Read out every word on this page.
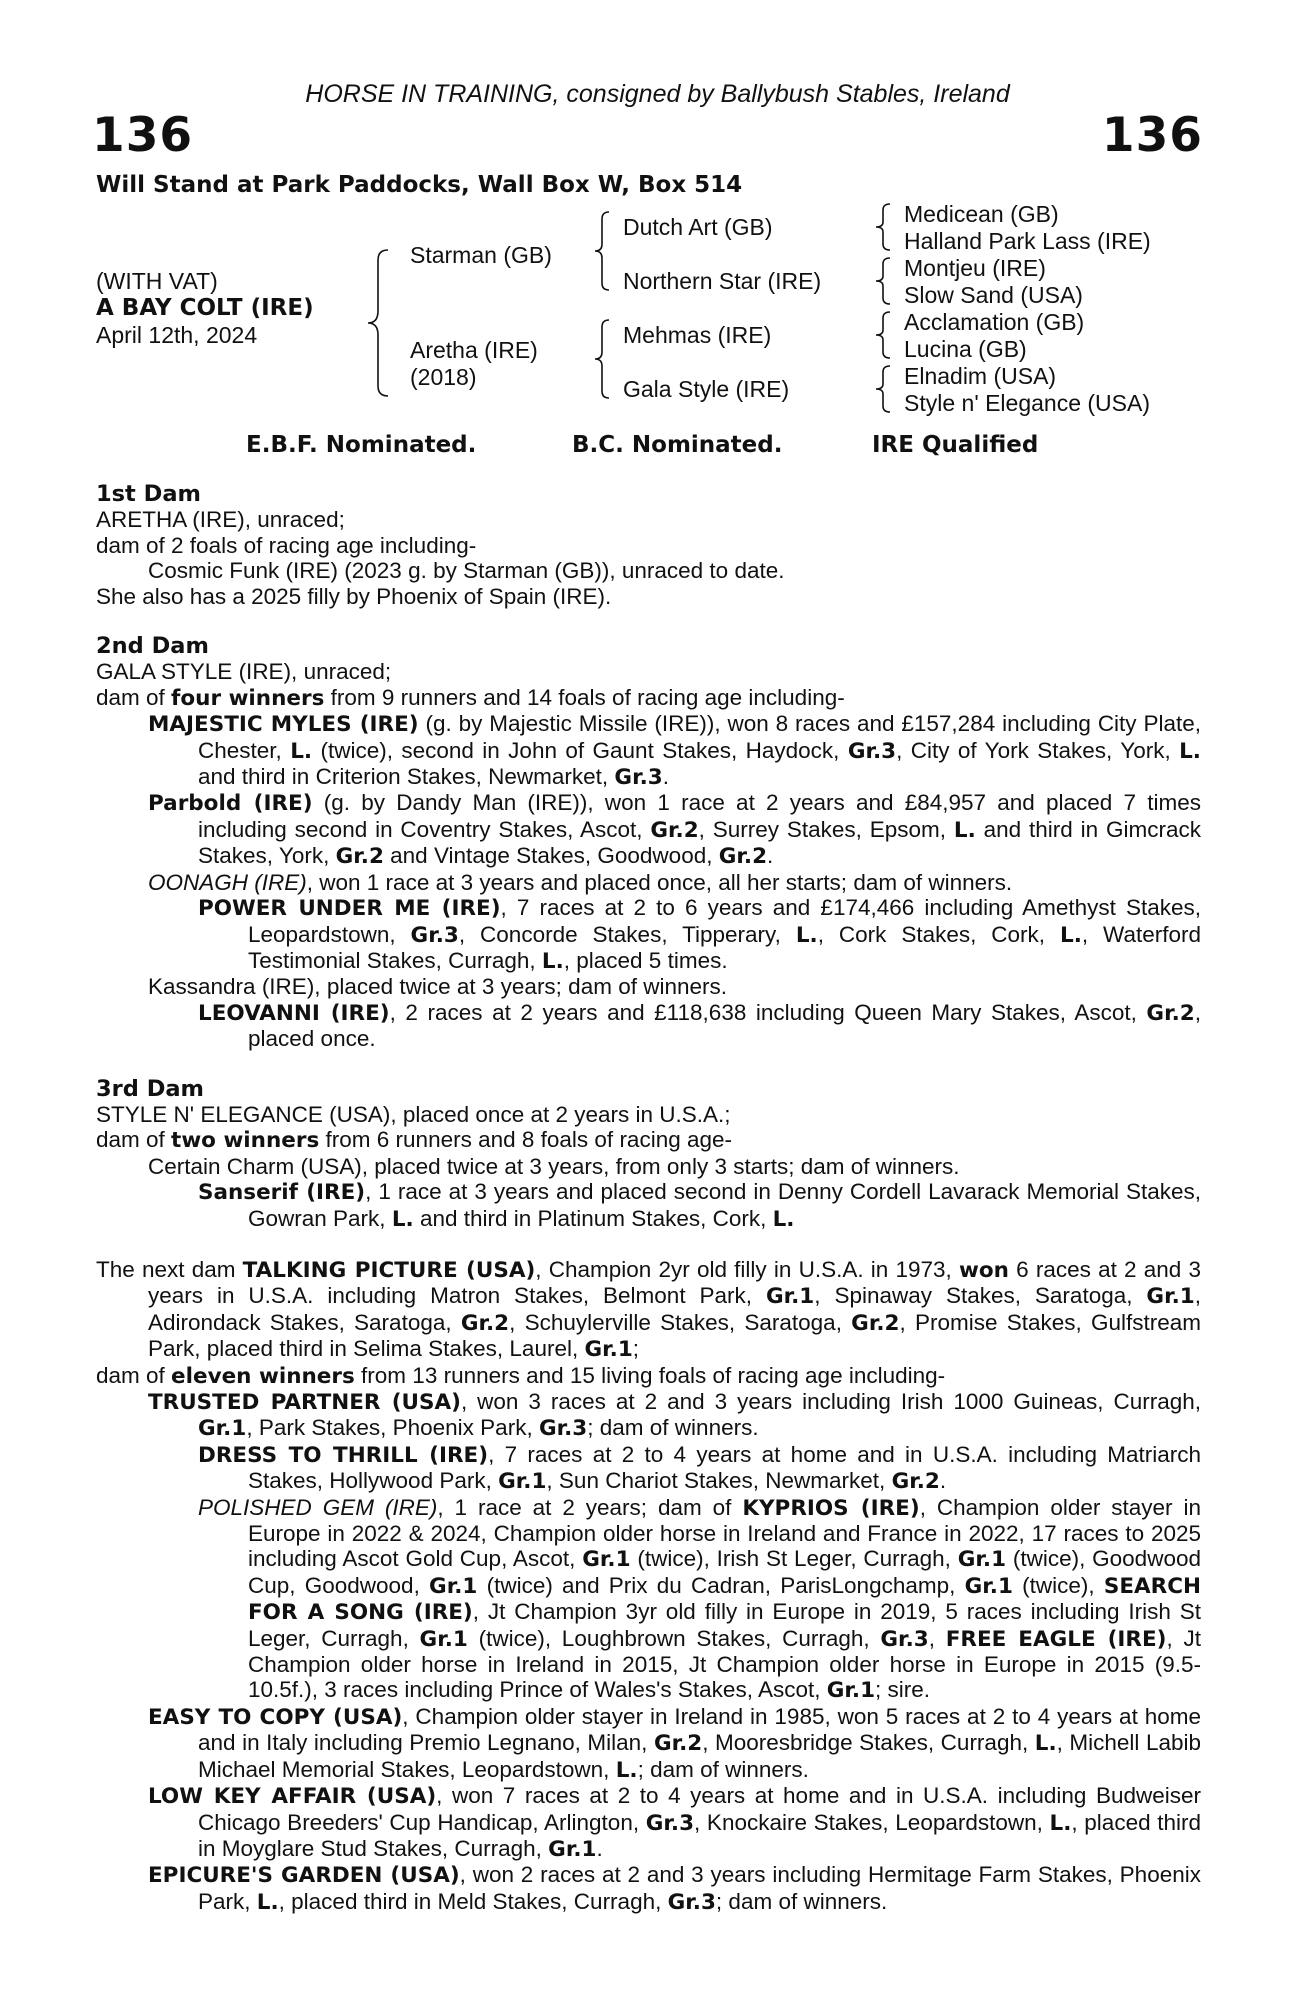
HORSE IN TRAINING, consigned by Ballybush Stables, Ireland
136	136
Will Stand at Park Paddocks, Wall Box W, Box 514
(WITH VAT)
A BAY COLT (IRE)
April 12th, 2024
Starman (GB)
Aretha (IRE)
(2018)
Dutch Art (GB)
Northern Star (IRE)
Mehmas (IRE)
Gala Style (IRE)
Medicean (GB)
Halland Park Lass (IRE)
Montjeu (IRE)
Slow Sand (USA)
Acclamation (GB)
Lucina (GB)
Elnadim (USA)
Style n' Elegance (USA)
E.B.F. Nominated.	B.C. Nominated.	IRE Qualified
1st Dam
ARETHA (IRE), unraced;
dam of 2 foals of racing age including-
Cosmic Funk (IRE) (2023 g. by Starman (GB)), unraced to date.
She also has a 2025 filly by Phoenix of Spain (IRE).
2nd Dam
GALA STYLE (IRE), unraced;
dam of four winners from 9 runners and 14 foals of racing age including-
MAJESTIC MYLES (IRE) (g. by Majestic Missile (IRE)), won 8 races and £157,284 including City Plate, Chester, L. (twice), second in John of Gaunt Stakes, Haydock, Gr.3, City of York Stakes, York, L. and third in Criterion Stakes, Newmarket, Gr.3.
Parbold (IRE) (g. by Dandy Man (IRE)), won 1 race at 2 years and £84,957 and placed 7 times including second in Coventry Stakes, Ascot, Gr.2, Surrey Stakes, Epsom, L. and third in Gimcrack Stakes, York, Gr.2 and Vintage Stakes, Goodwood, Gr.2.
OONAGH (IRE), won 1 race at 3 years and placed once, all her starts; dam of winners.
POWER UNDER ME (IRE), 7 races at 2 to 6 years and £174,466 including Amethyst Stakes, Leopardstown, Gr.3, Concorde Stakes, Tipperary, L., Cork Stakes, Cork, L., Waterford Testimonial Stakes, Curragh, L., placed 5 times.
Kassandra (IRE), placed twice at 3 years; dam of winners.
LEOVANNI (IRE), 2 races at 2 years and £118,638 including Queen Mary Stakes, Ascot, Gr.2, placed once.
3rd Dam
STYLE N' ELEGANCE (USA), placed once at 2 years in U.S.A.;
dam of two winners from 6 runners and 8 foals of racing age-
Certain Charm (USA), placed twice at 3 years, from only 3 starts; dam of winners.
Sanserif (IRE), 1 race at 3 years and placed second in Denny Cordell Lavarack Memorial Stakes, Gowran Park, L. and third in Platinum Stakes, Cork, L.
The next dam TALKING PICTURE (USA), Champion 2yr old filly in U.S.A. in 1973, won 6 races at 2 and 3 years in U.S.A. including Matron Stakes, Belmont Park, Gr.1, Spinaway Stakes, Saratoga, Gr.1, Adirondack Stakes, Saratoga, Gr.2, Schuylerville Stakes, Saratoga, Gr.2, Promise Stakes, Gulfstream Park, placed third in Selima Stakes, Laurel, Gr.1;
dam of eleven winners from 13 runners and 15 living foals of racing age including-
TRUSTED PARTNER (USA), won 3 races at 2 and 3 years including Irish 1000 Guineas, Curragh, Gr.1, Park Stakes, Phoenix Park, Gr.3; dam of winners.
DRESS TO THRILL (IRE), 7 races at 2 to 4 years at home and in U.S.A. including Matriarch Stakes, Hollywood Park, Gr.1, Sun Chariot Stakes, Newmarket, Gr.2.
POLISHED GEM (IRE), 1 race at 2 years; dam of KYPRIOS (IRE), Champion older stayer in Europe in 2022 & 2024, Champion older horse in Ireland and France in 2022, 17 races to 2025 including Ascot Gold Cup, Ascot, Gr.1 (twice), Irish St Leger, Curragh, Gr.1 (twice), Goodwood Cup, Goodwood, Gr.1 (twice) and Prix du Cadran, ParisLongchamp, Gr.1 (twice), SEARCH FOR A SONG (IRE), Jt Champion 3yr old filly in Europe in 2019, 5 races including Irish St Leger, Curragh, Gr.1 (twice), Loughbrown Stakes, Curragh, Gr.3, FREE EAGLE (IRE), Jt Champion older horse in Ireland in 2015, Jt Champion older horse in Europe in 2015 (9.5-10.5f.), 3 races including Prince of Wales's Stakes, Ascot, Gr.1; sire.
EASY TO COPY (USA), Champion older stayer in Ireland in 1985, won 5 races at 2 to 4 years at home and in Italy including Premio Legnano, Milan, Gr.2, Mooresbridge Stakes, Curragh, L., Michell Labib Michael Memorial Stakes, Leopardstown, L.; dam of winners.
LOW KEY AFFAIR (USA), won 7 races at 2 to 4 years at home and in U.S.A. including Budweiser Chicago Breeders' Cup Handicap, Arlington, Gr.3, Knockaire Stakes, Leopardstown, L., placed third in Moyglare Stud Stakes, Curragh, Gr.1.
EPICURE'S GARDEN (USA), won 2 races at 2 and 3 years including Hermitage Farm Stakes, Phoenix Park, L., placed third in Meld Stakes, Curragh, Gr.3; dam of winners.
